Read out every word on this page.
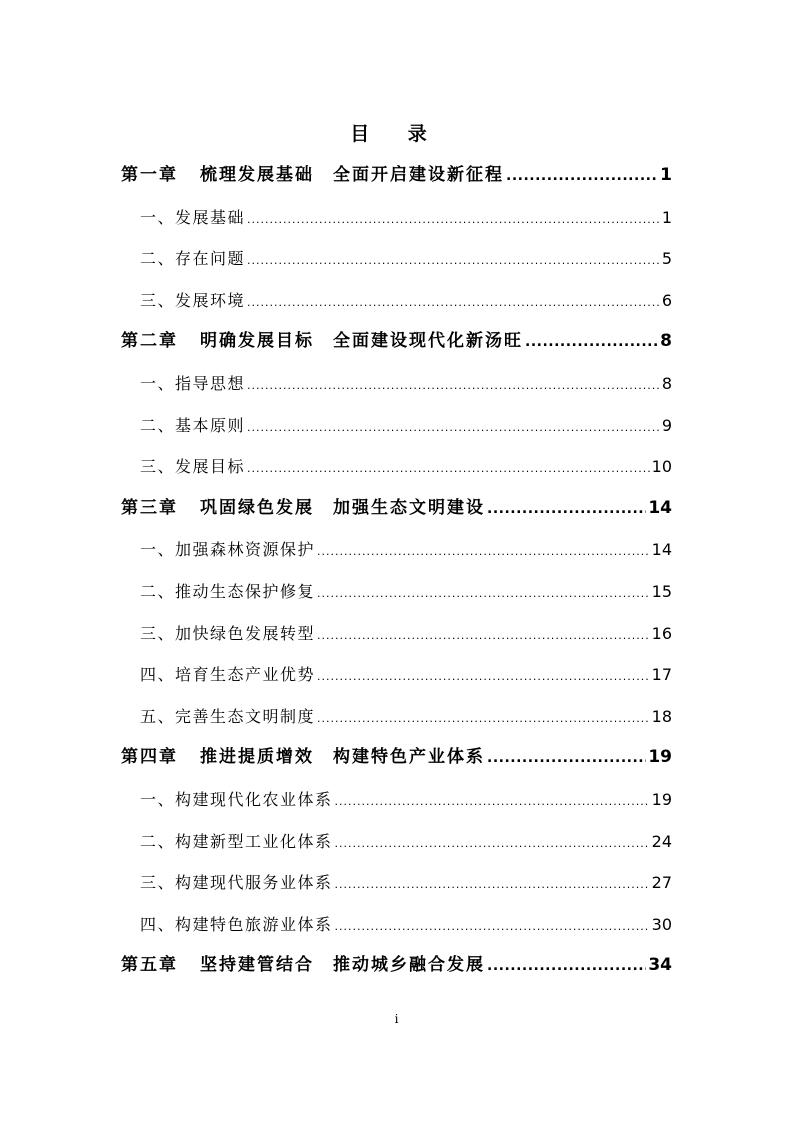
目 录
第一章 梳理发展基础　全面开启建设新征程 .....	1
一、发展基础 .....	1
二、存在问题 .....	5
三、发展环境 .....	6
第二章 明确发展目标　全面建设现代化新汤旺 .....	8
一、指导思想 .....	8
二、基本原则 .....	9
三、发展目标 .....	10
第三章 巩固绿色发展　加强生态文明建设 .....	14
一、加强森林资源保护 .....	14
二、推动生态保护修复 .....	15
三、加快绿色发展转型 .....	16
四、培育生态产业优势 .....	17
五、完善生态文明制度 .....	18
第四章 推进提质增效　构建特色产业体系 .....	19
一、构建现代化农业体系 .....	19
二、构建新型工业化体系 .....	24
三、构建现代服务业体系 .....	27
四、构建特色旅游业体系 .....	30
第五章 坚持建管结合　推动城乡融合发展 .....	34
i
